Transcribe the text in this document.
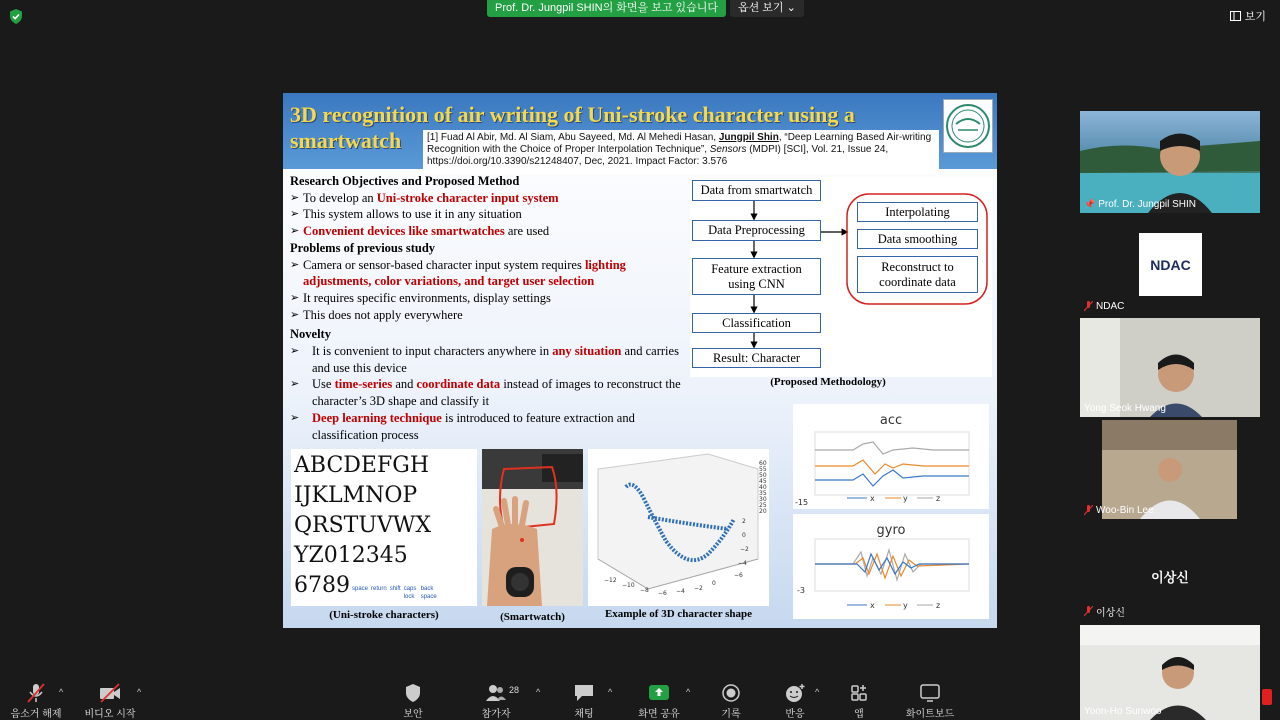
Prof. Dr. Jungpil SHIN의 화면을 보고 있습니다	옵션 보기 ⌄
보기
3D recognition of air writing of Uni-stroke character using a smartwatch	[1] Fuad Al Abir, Md. Al Siam, Abu Sayeed, Md. Al Mehedi Hasan, Jungpil Shin, “Deep Learning Based Air-writing Recognition with the Choice of Proper Interpolation Technique”, Sensors (MDPI) [SCI], Vol. 21, Issue 24, https://doi.org/10.3390/s21248407, Dec, 2021. Impact Factor: 3.576
Research Objectives and Proposed Method
➢ To develop an Uni-stroke character input system
➢ This system allows to use it in any situation
➢ Convenient devices like smartwatches are used
Problems of previous study
➢ Camera or sensor-based character input system requires lighting adjustments, color variations, and target user selection
➢ It requires specific environments, display settings
➢ This does not apply everywhere
Novelty
➢ It is convenient to input characters anywhere in any situation and carries and use this device
➢ Use time-series and coordinate data instead of images to reconstruct the character’s 3D shape and classify it
➢ Deep learning technique is introduced to feature extraction and classification process
Data from smartwatch
Data Preprocessing
Feature extraction
using CNN
Classification
Result: Character
Interpolating
Data smoothing
Reconstruct to
coordinate data
(Proposed Methodology)
ABCDEFGH
IJKLMNOP
QRSTUVWX
YZ012345
6789 space return shift caps lock
back space
(Uni-stroke characters)	(Smartwatch)
−12
−10
−8 −6 −4 −2
0
2
0
−2
−4
−6
60
55
50
45
40
35
30
25
20
Example of 3D character shape
acc
-15	x	y	z
gyro
-3
x	y	z
📌 Prof. Dr. Jungpil SHIN
NDAC
NDAC
Yong Seok Hwang
Woo-Bin Lee
이상신
이상신
Yoon-Ho Sunwoo
음소거 해제
^
비디오 시작
^
보안	참가자
28 ^
채팅
^
화면 공유
^
기록	반응
^
앱	화이트보드
